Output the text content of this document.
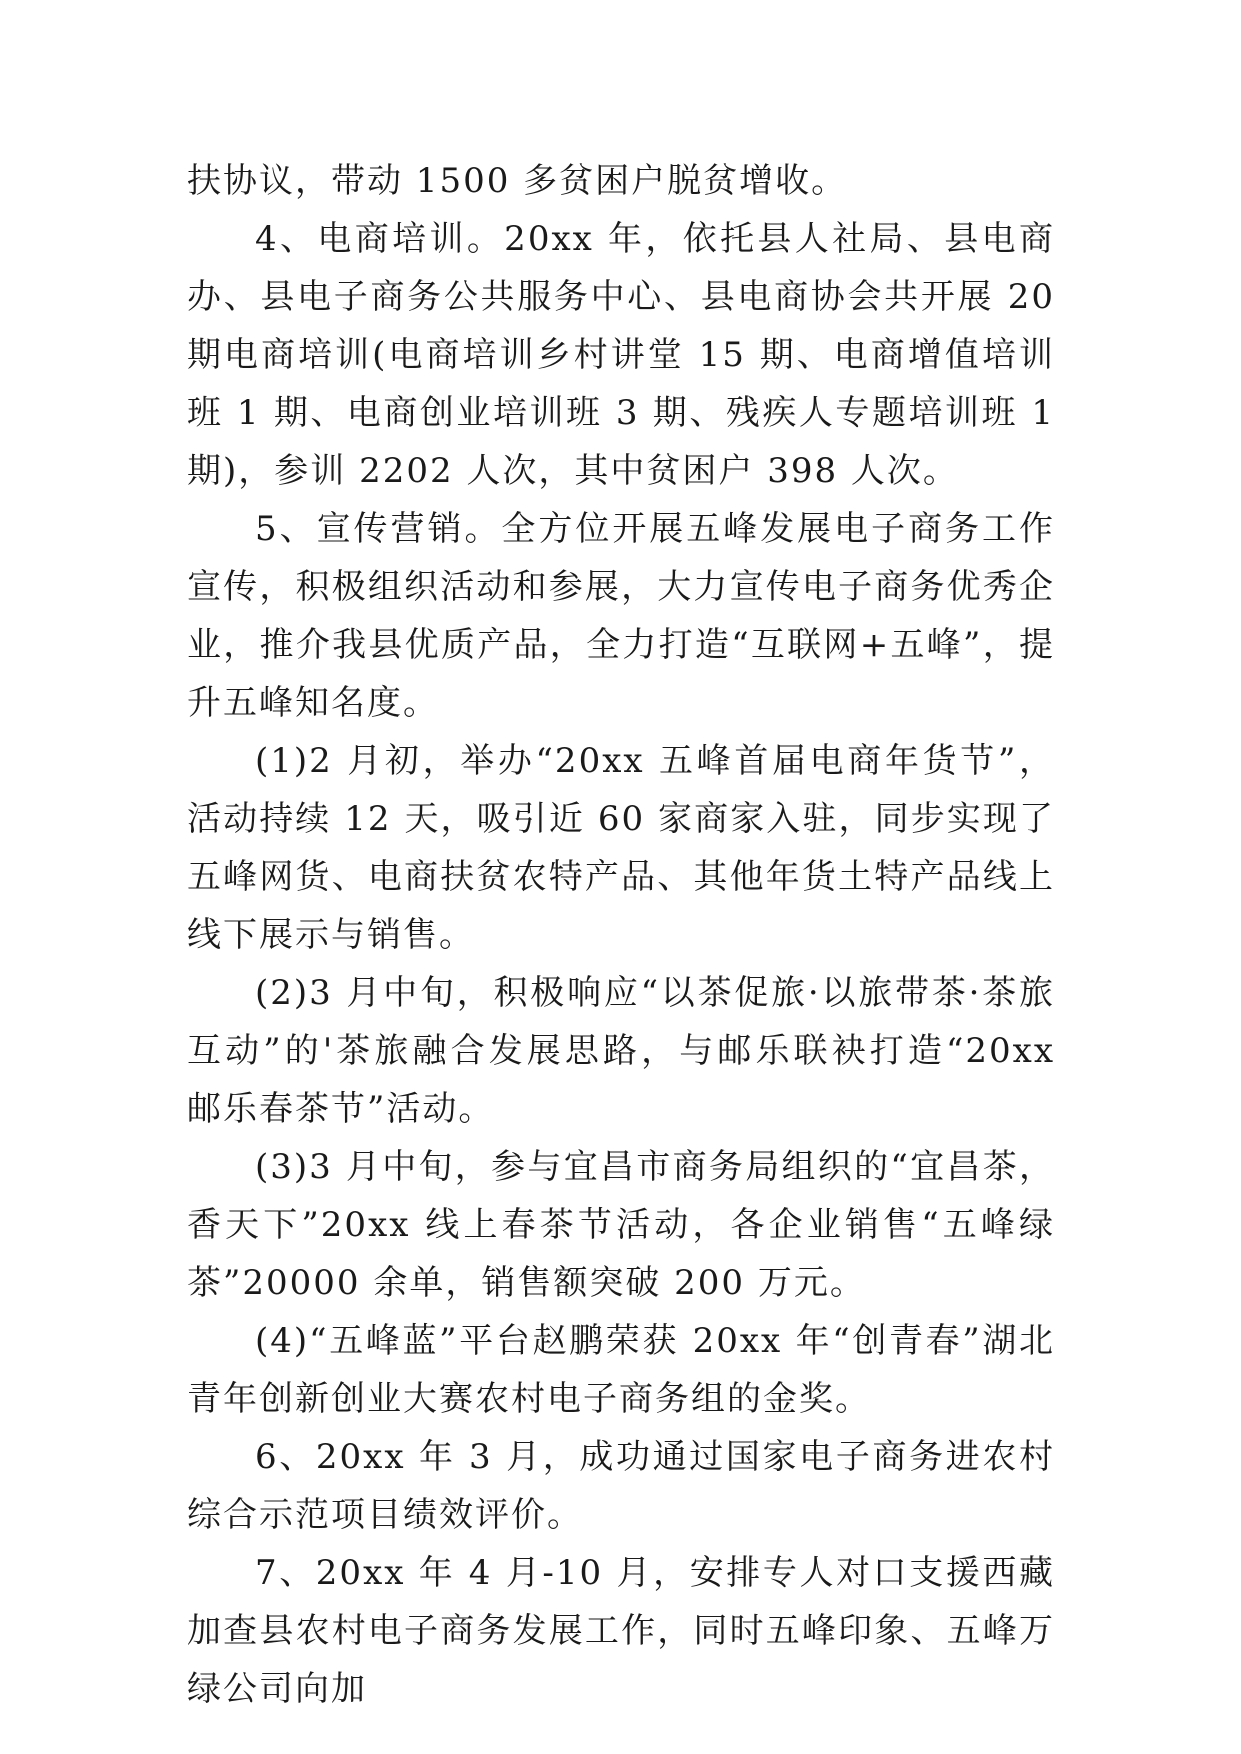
扶协议，带动 1500 多贫困户脱贫增收。

4、电商培训。20xx 年，依托县人社局、县电商办、县电子商务公共服务中心、县电商协会共开展 20 期电商培训(电商培训乡村讲堂 15 期、电商增值培训班 1 期、电商创业培训班 3 期、残疾人专题培训班 1 期)，参训 2202 人次，其中贫困户 398 人次。

5、宣传营销。全方位开展五峰发展电子商务工作宣传，积极组织活动和参展，大力宣传电子商务优秀企业，推介我县优质产品，全力打造“互联网+五峰”，提升五峰知名度。

(1)2 月初，举办“20xx 五峰首届电商年货节”，活动持续 12 天，吸引近 60 家商家入驻，同步实现了五峰网货、电商扶贫农特产品、其他年货土特产品线上线下展示与销售。

(2)3 月中旬，积极响应“以茶促旅·以旅带茶·茶旅互动”的'茶旅融合发展思路，与邮乐联袂打造“20xx 邮乐春茶节”活动。

(3)3 月中旬，参与宜昌市商务局组织的“宜昌茶，香天下”20xx 线上春茶节活动，各企业销售“五峰绿茶”20000 余单，销售额突破 200 万元。

(4)“五峰蓝”平台赵鹏荣获 20xx 年“创青春”湖北青年创新创业大赛农村电子商务组的金奖。

6、20xx 年 3 月，成功通过国家电子商务进农村综合示范项目绩效评价。

7、20xx 年 4 月-10 月，安排专人对口支援西藏加查县农村电子商务发展工作，同时五峰印象、五峰万绿公司向加
